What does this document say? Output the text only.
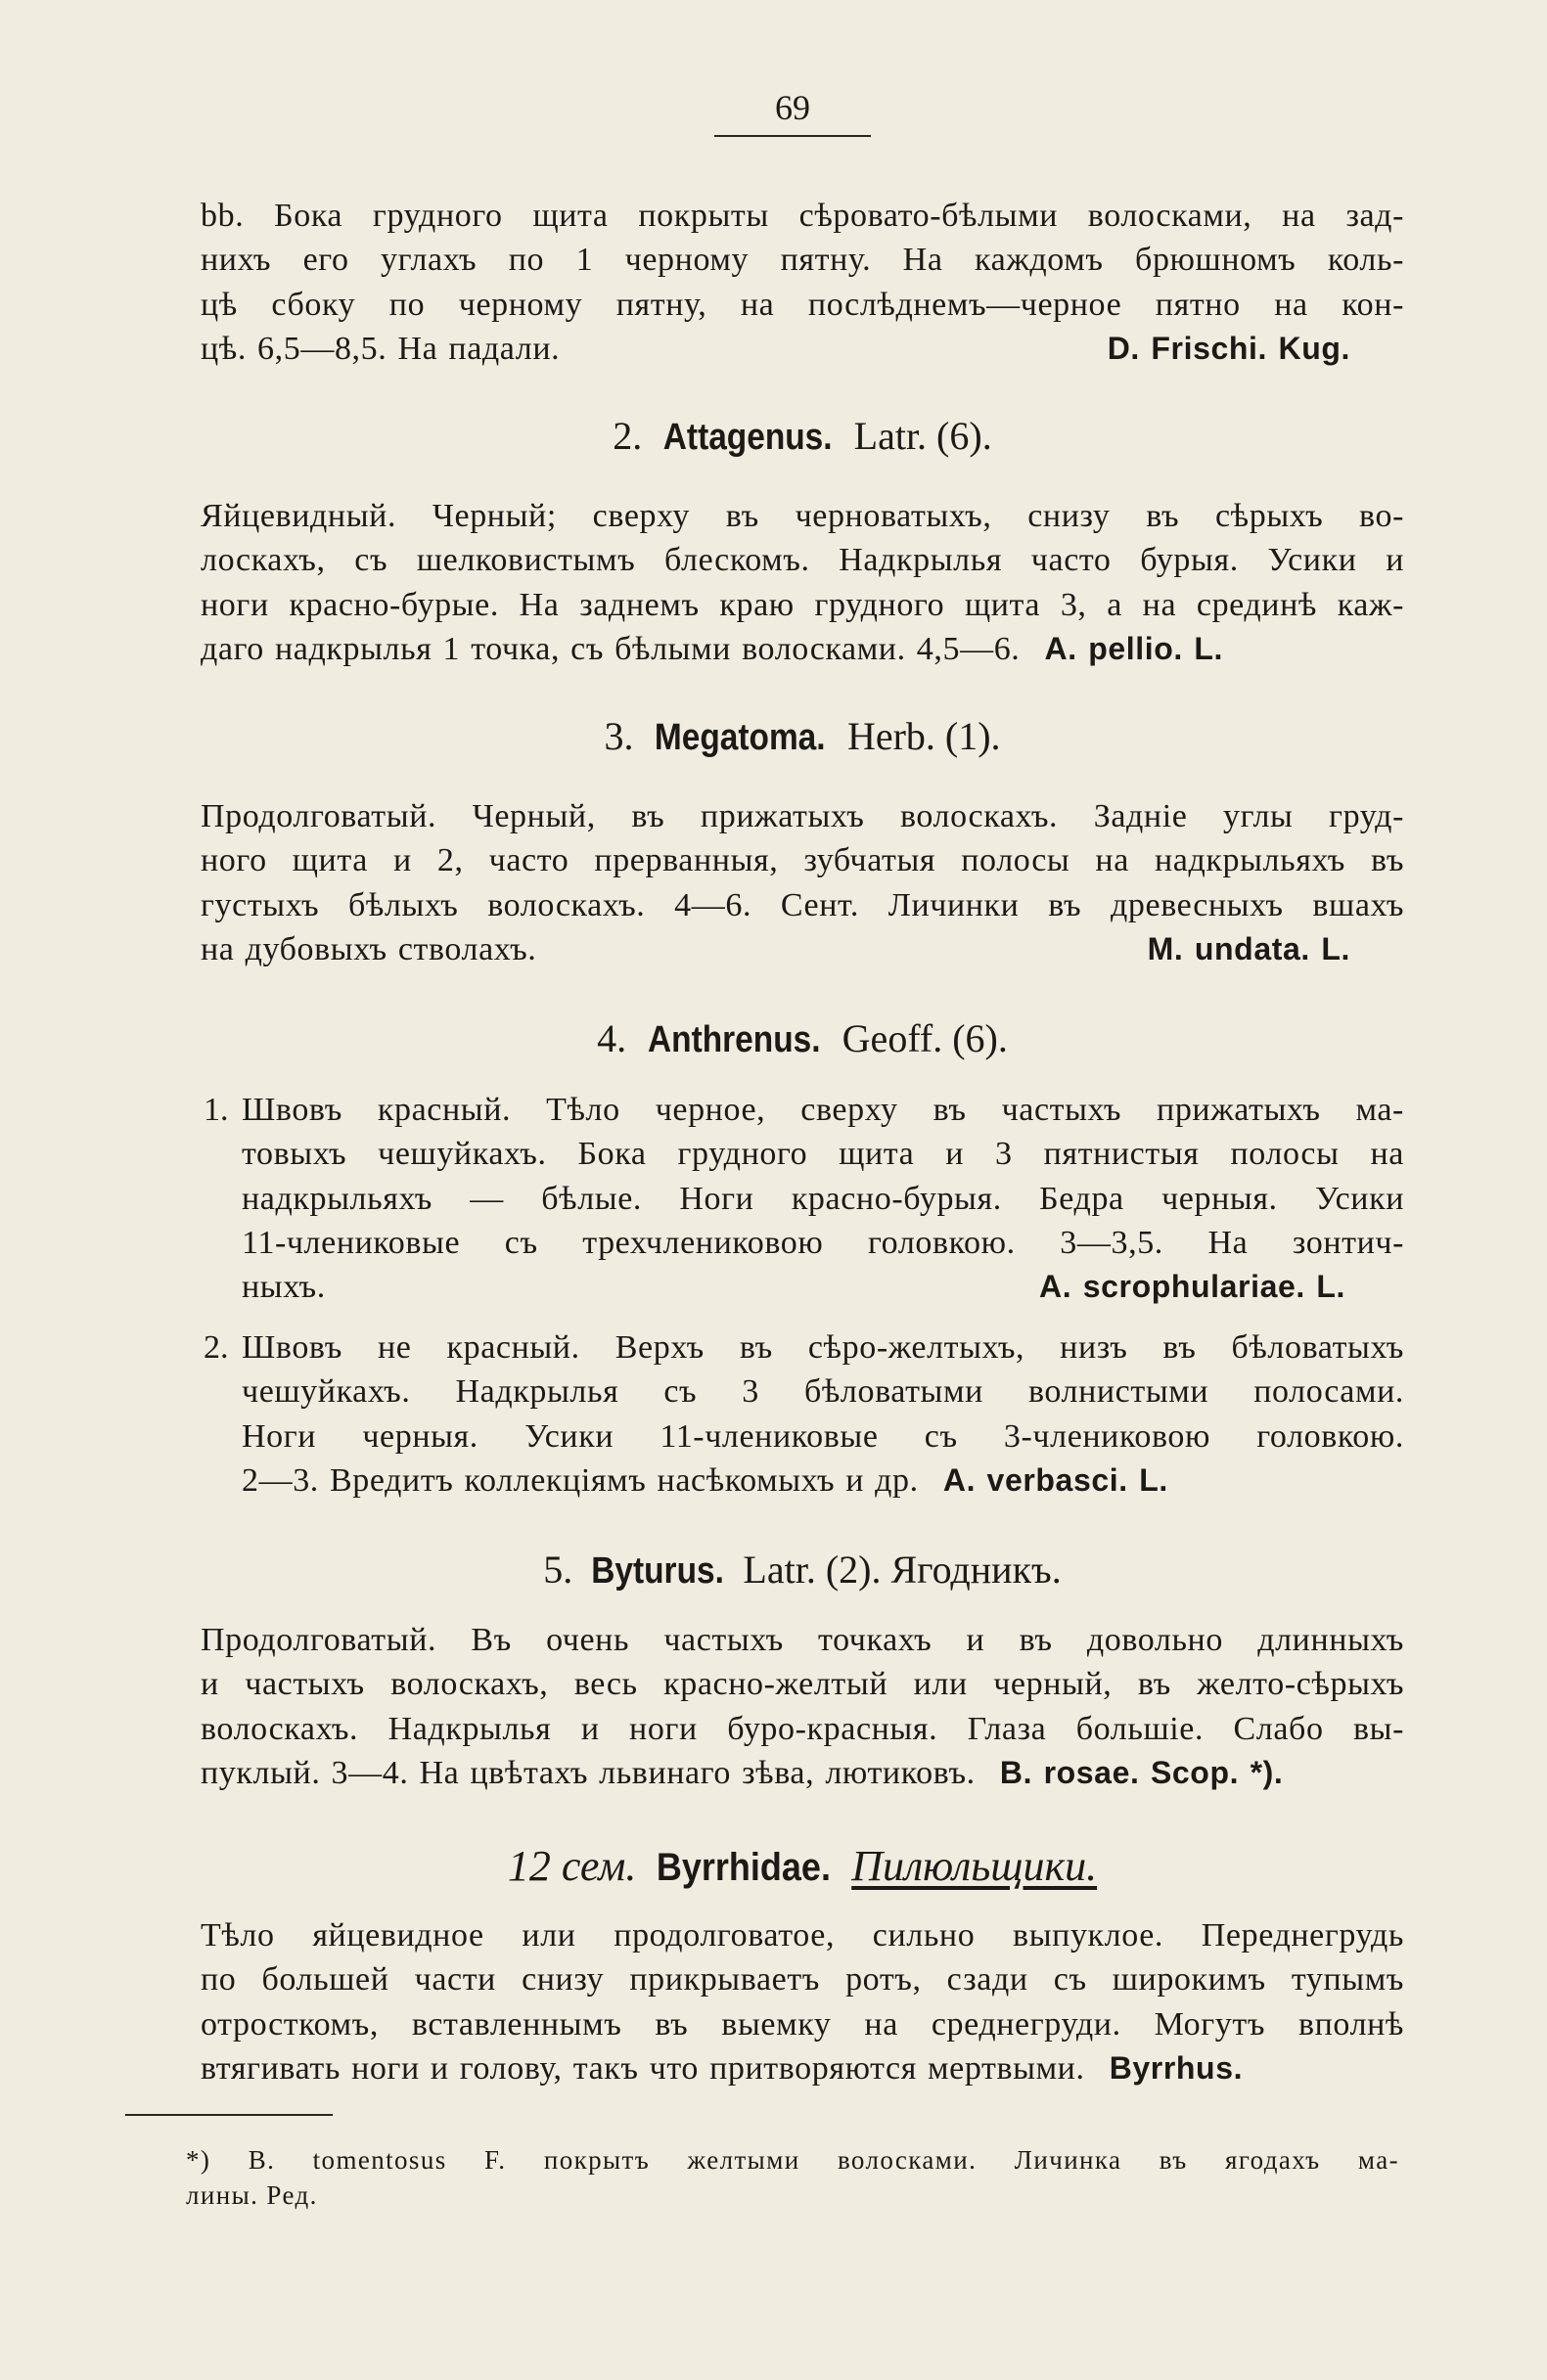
69
bb. Бока грудного щита покрыты сѣровато-бѣлыми волосками, на зад-
нихъ его углахъ по 1 черному пятну. На каждомъ брюшномъ коль-
цѣ сбоку по черному пятну, на послѣднемъ—черное пятно на кон-
цѣ. 6,5—8,5. На падали.	D. Frischi. Kug.
2. Attagenus. Latr. (6).
Яйцевидный. Черный; сверху въ черноватыхъ, снизу въ сѣрыхъ во-
лоскахъ, съ шелковистымъ блескомъ. Надкрылья часто бурыя. Усики и
ноги красно-бурые. На заднемъ краю грудного щита 3, а на срединѣ каж-
даго надкрылья 1 точка, съ бѣлыми волосками. 4,5—6. A. pellio. L.
3. Megatoma. Herb. (1).
Продолговатый. Черный, въ прижатыхъ волоскахъ. Задніе углы груд-
ного щита и 2, часто прерванныя, зубчатыя полосы на надкрыльяхъ въ
густыхъ бѣлыхъ волоскахъ. 4—6. Сент. Личинки въ древесныхъ вшахъ
на дубовыхъ стволахъ.	M. undata. L.
4. Anthrenus. Geoff. (6).
1. Швовъ красный. Тѣло черное, сверху въ частыхъ прижатыхъ ма-
товыхъ чешуйкахъ. Бока грудного щита и 3 пятнистыя полосы на
надкрыльяхъ — бѣлые. Ноги красно-бурыя. Бедра черныя. Усики
11-члениковые съ трехчлениковою головкою. 3—3,5. На зонтич-
ныхъ.	A. scrophulariae. L.
2. Швовъ не красный. Верхъ въ сѣро-желтыхъ, низъ въ бѣловатыхъ
чешуйкахъ. Надкрылья съ 3 бѣловатыми волнистыми полосами.
Ноги черныя. Усики 11-члениковые съ 3-члениковою головкою.
2—3. Вредитъ коллекціямъ насѣкомыхъ и др. A. verbasci. L.
5. Byturus. Latr. (2). Ягодникъ.
Продолговатый. Въ очень частыхъ точкахъ и въ довольно длинныхъ
и частыхъ волоскахъ, весь красно-желтый или черный, въ желто-сѣрыхъ
волоскахъ. Надкрылья и ноги буро-красныя. Глаза большіе. Слабо вы-
пуклый. 3—4. На цвѣтахъ львинаго зѣва, лютиковъ. B. rosae. Scop. *).
12 сем. Byrrhidae. Пилюльщики.
Тѣло яйцевидное или продолговатое, сильно выпуклое. Переднегрудь
по большей части снизу прикрываетъ ротъ, сзади съ широкимъ тупымъ
отросткомъ, вставленнымъ въ выемку на среднегруди. Могутъ вполнѣ
втягивать ноги и голову, такъ что притворяются мертвыми. Byrrhus.
*) B. tomentosus F. покрытъ желтыми волосками. Личинка въ ягодахъ ма-
лины. Ред.
